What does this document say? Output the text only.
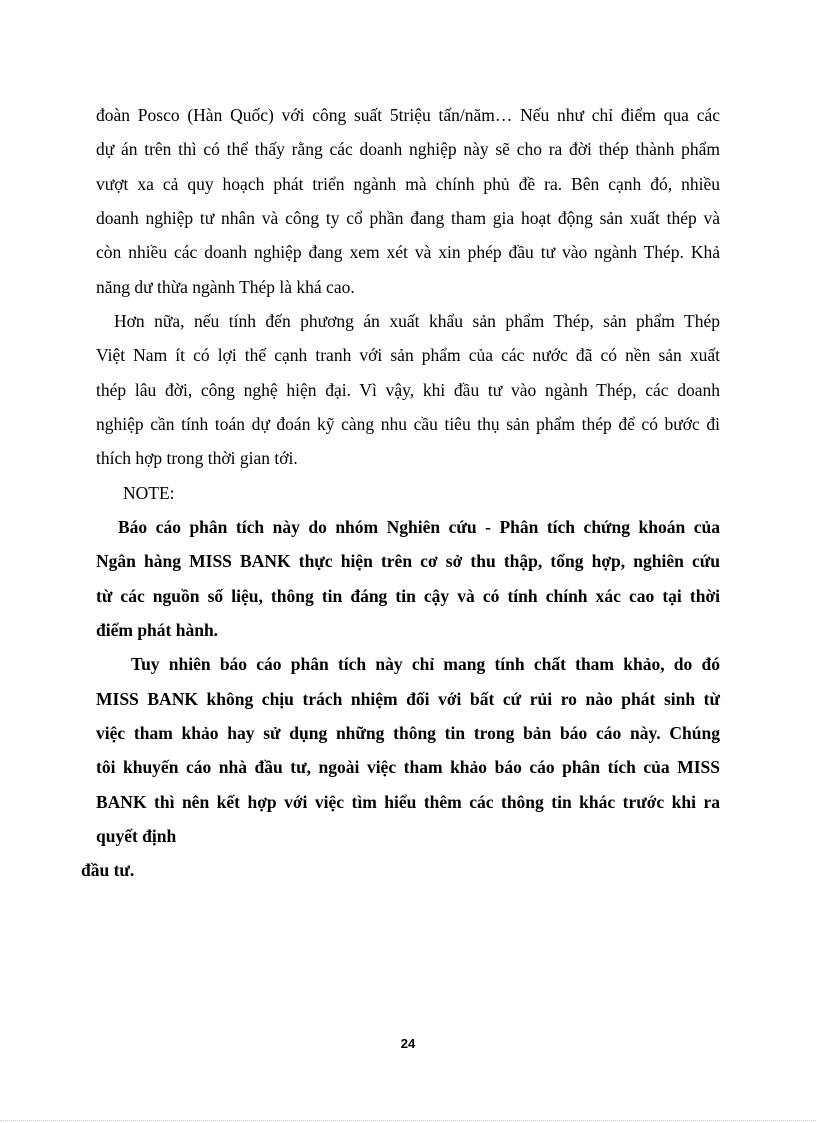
đoàn Posco (Hàn Quốc) với công suất 5triệu tấn/năm… Nếu như chỉ điểm qua các

dự án trên thì có thể thấy rằng các doanh nghiệp này sẽ cho ra đời thép thành phẩm

vượt xa cả quy hoạch phát triển ngành mà chính phủ đề ra. Bên cạnh đó, nhiều

doanh nghiệp tư nhân và công ty cổ phần đang tham gia hoạt động sản xuất thép và

còn nhiều các doanh nghiệp đang xem xét và xin phép đầu tư vào ngành Thép. Khả

năng dư thừa ngành Thép là khá cao.

Hơn nữa, nếu tính đến phương án xuất khẩu sản phẩm Thép, sản phẩm Thép

Việt Nam ít có lợi thế cạnh tranh với sản phẩm của các nước đã có nền sản xuất

thép lâu đời, công nghệ hiện đại. Vì vậy, khi đầu tư vào ngành Thép, các doanh

nghiệp cần tính toán dự đoán kỹ càng nhu cầu tiêu thụ sản phẩm thép để có bước đi

thích hợp trong thời gian tới.

NOTE:

Báo cáo phân tích này do nhóm Nghiên cứu - Phân tích chứng khoán của

Ngân hàng MISS BANK thực hiện trên cơ sở thu thập, tổng hợp, nghiên cứu

từ các nguồn số liệu, thông tin đáng tin cậy và có tính chính xác cao tại thời

điểm phát hành.

Tuy nhiên báo cáo phân tích này chỉ mang tính chất tham khảo, do đó

MISS BANK không chịu trách nhiệm đối với bất cứ rủi ro nào phát sinh từ

việc tham khảo hay sử dụng những thông tin trong bản báo cáo này. Chúng

tôi khuyến cáo nhà đầu tư, ngoài việc tham khảo báo cáo phân tích của MISS

BANK thì nên kết hợp với việc tìm hiểu thêm các thông tin khác trước khi ra

quyết định

đầu tư.

24
